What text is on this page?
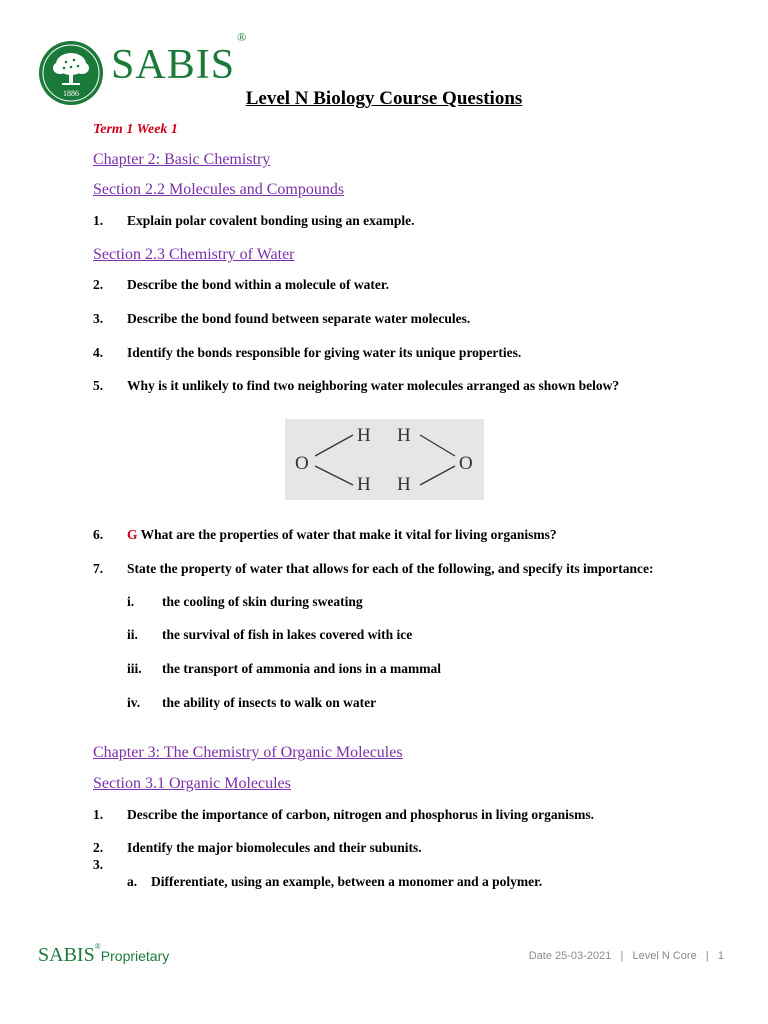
1886
SABIS®
Level N Biology Course Questions
Term 1 Week 1
Chapter 2: Basic Chemistry
Section 2.2 Molecules and Compounds
1. Explain polar covalent bonding using an example.
Section 2.3 Chemistry of Water
2. Describe the bond within a molecule of water.
3. Describe the bond found between separate water molecules.
4. Identify the bonds responsible for giving water its unique properties.
5. Why is it unlikely to find two neighboring water molecules arranged as shown below?
O
H H
H H
O
6. G What are the properties of water that make it vital for living organisms?
7. State the property of water that allows for each of the following, and specify its importance:
i. the cooling of skin during sweating
ii. the survival of fish in lakes covered with ice
iii. the transport of ammonia and ions in a mammal
iv. the ability of insects to walk on water
Chapter 3: The Chemistry of Organic Molecules
Section 3.1 Organic Molecules
1. Describe the importance of carbon, nitrogen and phosphorus in living organisms.
2. Identify the major biomolecules and their subunits.
3.
a. Differentiate, using an example, between a monomer and a polymer.
SABIS®Proprietary	Date 25-03-2021   |   Level N Core   |   1
